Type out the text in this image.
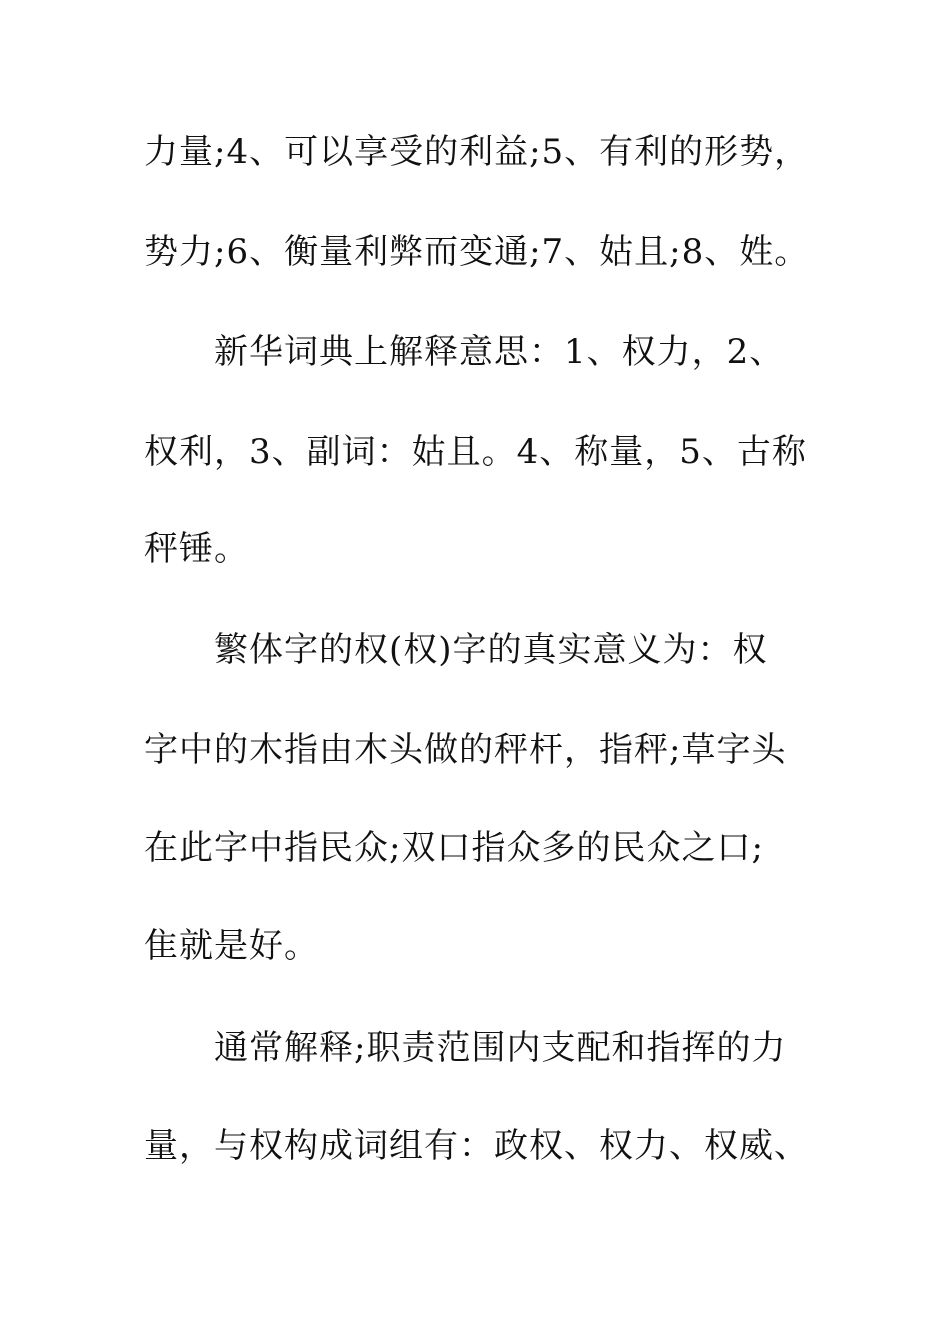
力量;4、可以享受的利益;5、有利的形势，
势力;6、衡量利弊而变通;7、姑且;8、姓。
新华词典上解释意思：1、权力，2、
权利，3、副词：姑且。4、称量，5、古称
秤锤。
繁体字的权(权)字的真实意义为：权
字中的木指由木头做的秤杆，指秤;草字头
在此字中指民众;双口指众多的民众之口;
隹就是好。
通常解释;职责范围内支配和指挥的力
量，与权构成词组有：政权、权力、权威、
